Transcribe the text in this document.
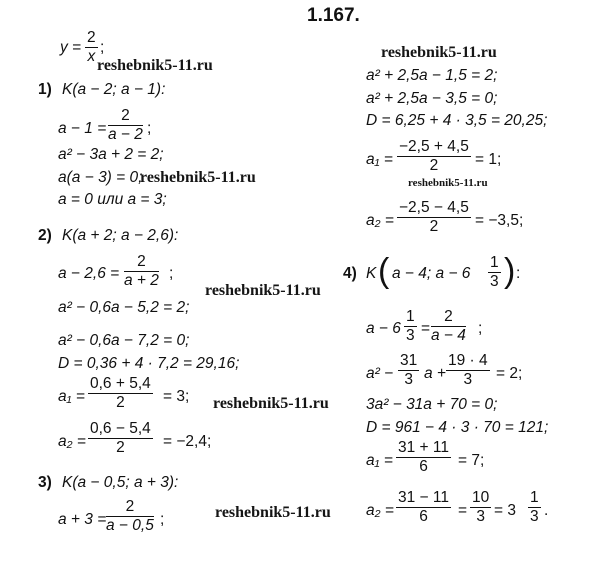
1.167.
$y = \frac{2}{x}$ ;
1) K(a − 2; a − 1):
$a - 1 = \frac{2}{a - 2}$ ;
a² − 3a + 2 = 2;
a(a − 3) = 0;
a = 0 или a = 3;
2) K(a + 2; a − 2,6):
$a - 2,6 = \frac{2}{a + 2}$ ;
a² − 0,6a − 5,2 = 2;
a² − 0,6a − 7,2 = 0;
D = 0,36 + 4 · 7,2 = 29,16;
$a_1 = \frac{0,6 + 5,4}{2} = 3$;
$a_2 = \frac{0,6 - 5,4}{2} = -2,4$;
3) K(a − 0,5; a + 3):
$a + 3 = \frac{2}{a - 0,5}$ ;
a² + 2,5a − 1,5 = 2;
a² + 2,5a − 3,5 = 0;
D = 6,25 + 4 · 3,5 = 20,25;
$a_1 = \frac{-2,5 + 4,5}{2} = 1$;
$a_2 = \frac{-2,5 - 4,5}{2} = -3,5$;
4) K ( a − 4; $a - 6 \frac{1}{3}$ ) :
$a - 6 \frac{1}{3} = \frac{2}{a - 4}$ ;
$a^2 - \frac{31}{3}$ $a + \frac{19 \cdot 4}{3} = 2$;
3a² − 31a + 70 = 0;
D = 961 − 4 · 3 · 70 = 121;
$a_1 = \frac{31 + 11}{6} = 7$;
$a_2 = \frac{31 - 11}{6} = \frac{10}{3} = 3 \frac{1}{3}$ .
reshebnik5-11.ru
reshebnik5-11.ru
reshebnik5-11.ru	reshebnik5-11.ru
reshebnik5-11.ru
reshebnik5-11.ru
reshebnik5-11.ru
